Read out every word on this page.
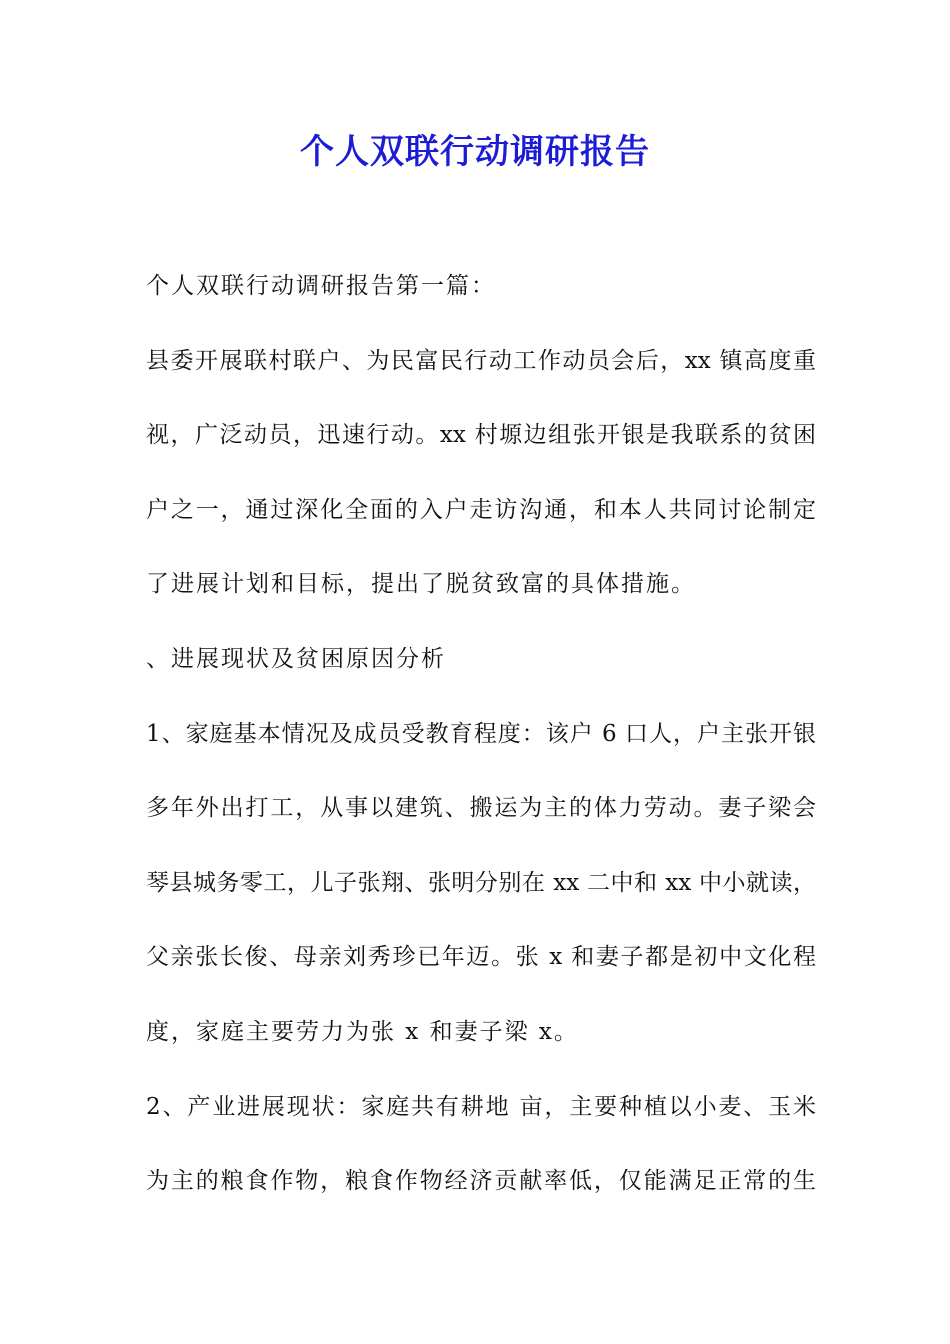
个人双联行动调研报告
个人双联行动调研报告第一篇：
县委开展联村联户、为民富民行动工作动员会后，xx 镇高度重
视，广泛动员，迅速行动。xx 村塬边组张开银是我联系的贫困
户之一，通过深化全面的入户走访沟通，和本人共同讨论制定
了进展计划和目标，提出了脱贫致富的具体措施。
、进展现状及贫困原因分析
1、家庭基本情况及成员受教育程度：该户 6 口人，户主张开银
多年外出打工，从事以建筑、搬运为主的体力劳动。妻子梁会
琴县城务零工，儿子张翔、张明分别在 xx 二中和 xx 中小就读，
父亲张长俊、母亲刘秀珍已年迈。张 x 和妻子都是初中文化程
度，家庭主要劳力为张 x 和妻子梁 x。
2、产业进展现状：家庭共有耕地 亩，主要种植以小麦、玉米
为主的粮食作物，粮食作物经济贡献率低，仅能满足正常的生
